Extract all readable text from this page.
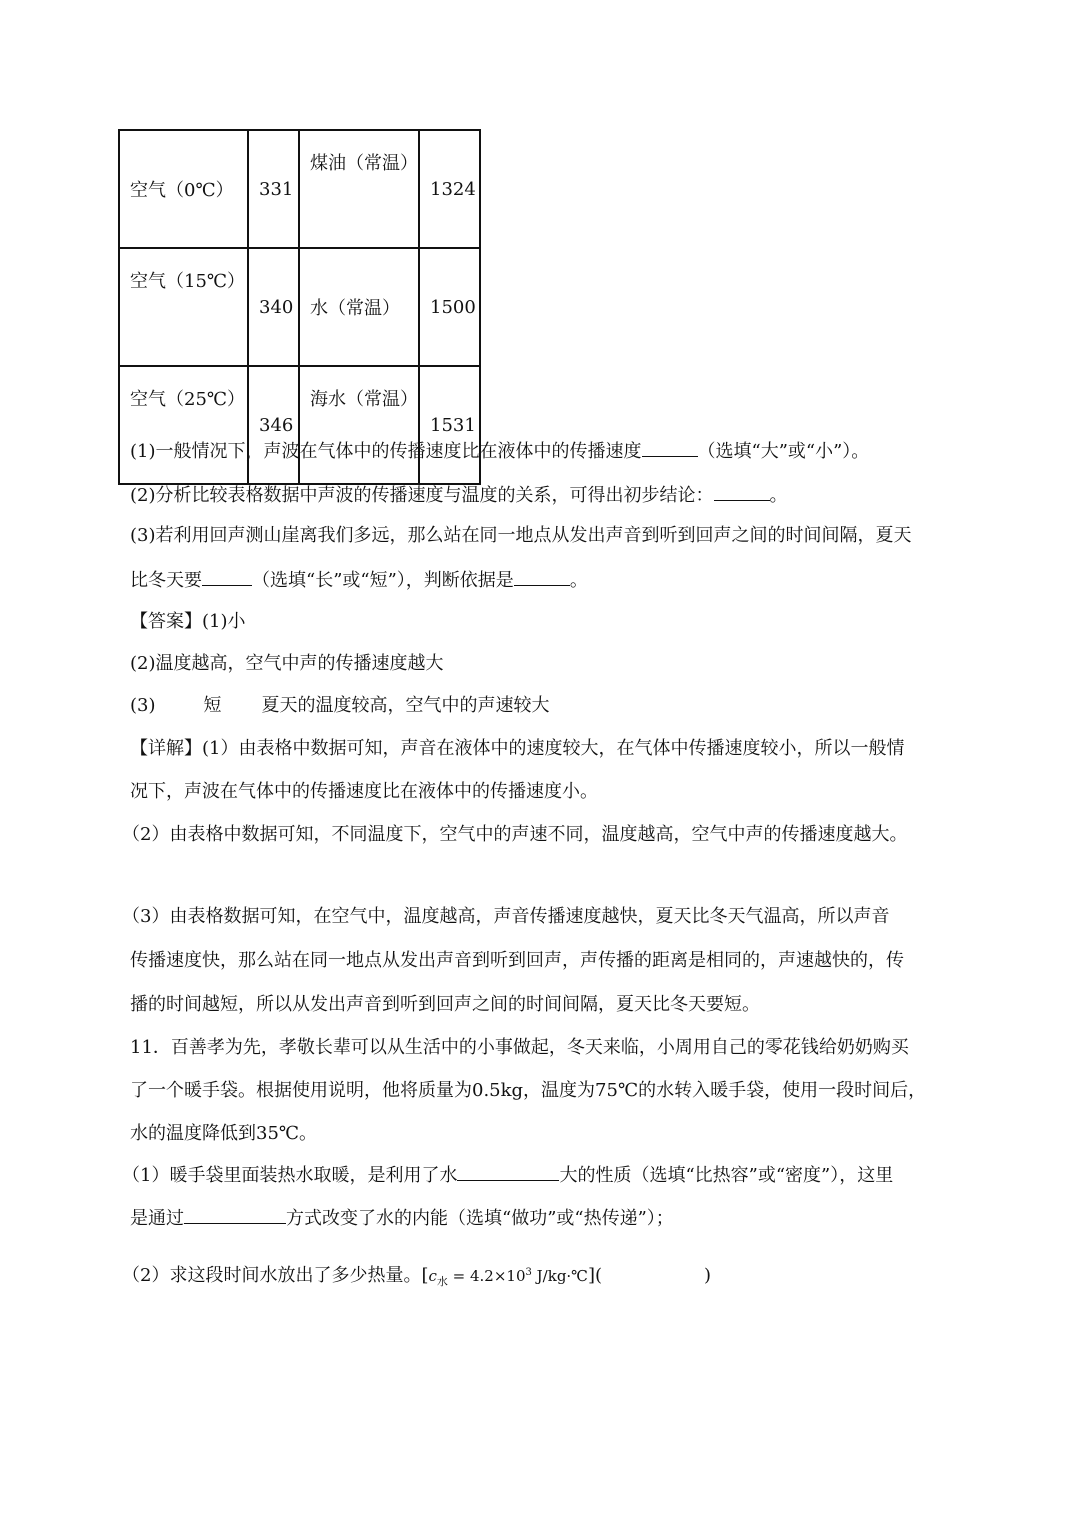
空气（0℃）	331	煤油（常温）	1324
空气（15℃）	340	水（常温）	1500
空气（25℃）	346	海水（常温）	1531
(1)一般情况下，声波在气体中的传播速度比在液体中的传播速度	（选填“大”或“小”）。
(2)分析比较表格数据中声波的传播速度与温度的关系，可得出初步结论：	。
(3)若利用回声测山崖离我们多远，那么站在同一地点从发出声音到听到回声之间的时间间隔，夏天
比冬天要	（选填“长”或“短”），判断依据是	。
【答案】(1)小
(2)温度越高，空气中声的传播速度越大
(3)	短 夏天的温度较高，空气中的声速较大
【详解】(1）由表格中数据可知，声音在液体中的速度较大，在气体中传播速度较小，所以一般情
况下，声波在气体中的传播速度比在液体中的传播速度小。
（2）由表格中数据可知，不同温度下，空气中的声速不同，温度越高，空气中声的传播速度越大。
（3）由表格数据可知，在空气中，温度越高，声音传播速度越快，夏天比冬天气温高，所以声音
传播速度快，那么站在同一地点从发出声音到听到回声，声传播的距离是相同的，声速越快的，传
播的时间越短，所以从发出声音到听到回声之间的时间间隔，夏天比冬天要短。
11．百善孝为先，孝敬长辈可以从生活中的小事做起，冬天来临，小周用自己的零花钱给奶奶购买
了一个暖手袋。根据使用说明，他将质量为0.5kg，温度为75℃的水转入暖手袋，使用一段时间后，
水的温度降低到35℃。
（1）暖手袋里面装热水取暖，是利用了水	大的性质（选填“比热容”或“密度”），这里
是通过	方式改变了水的内能（选填“做功”或“热传递”）；
（2）求这段时间水放出了多少热量。[$c_水 = 4.2\times 10^3$ J/kg·℃](	)
